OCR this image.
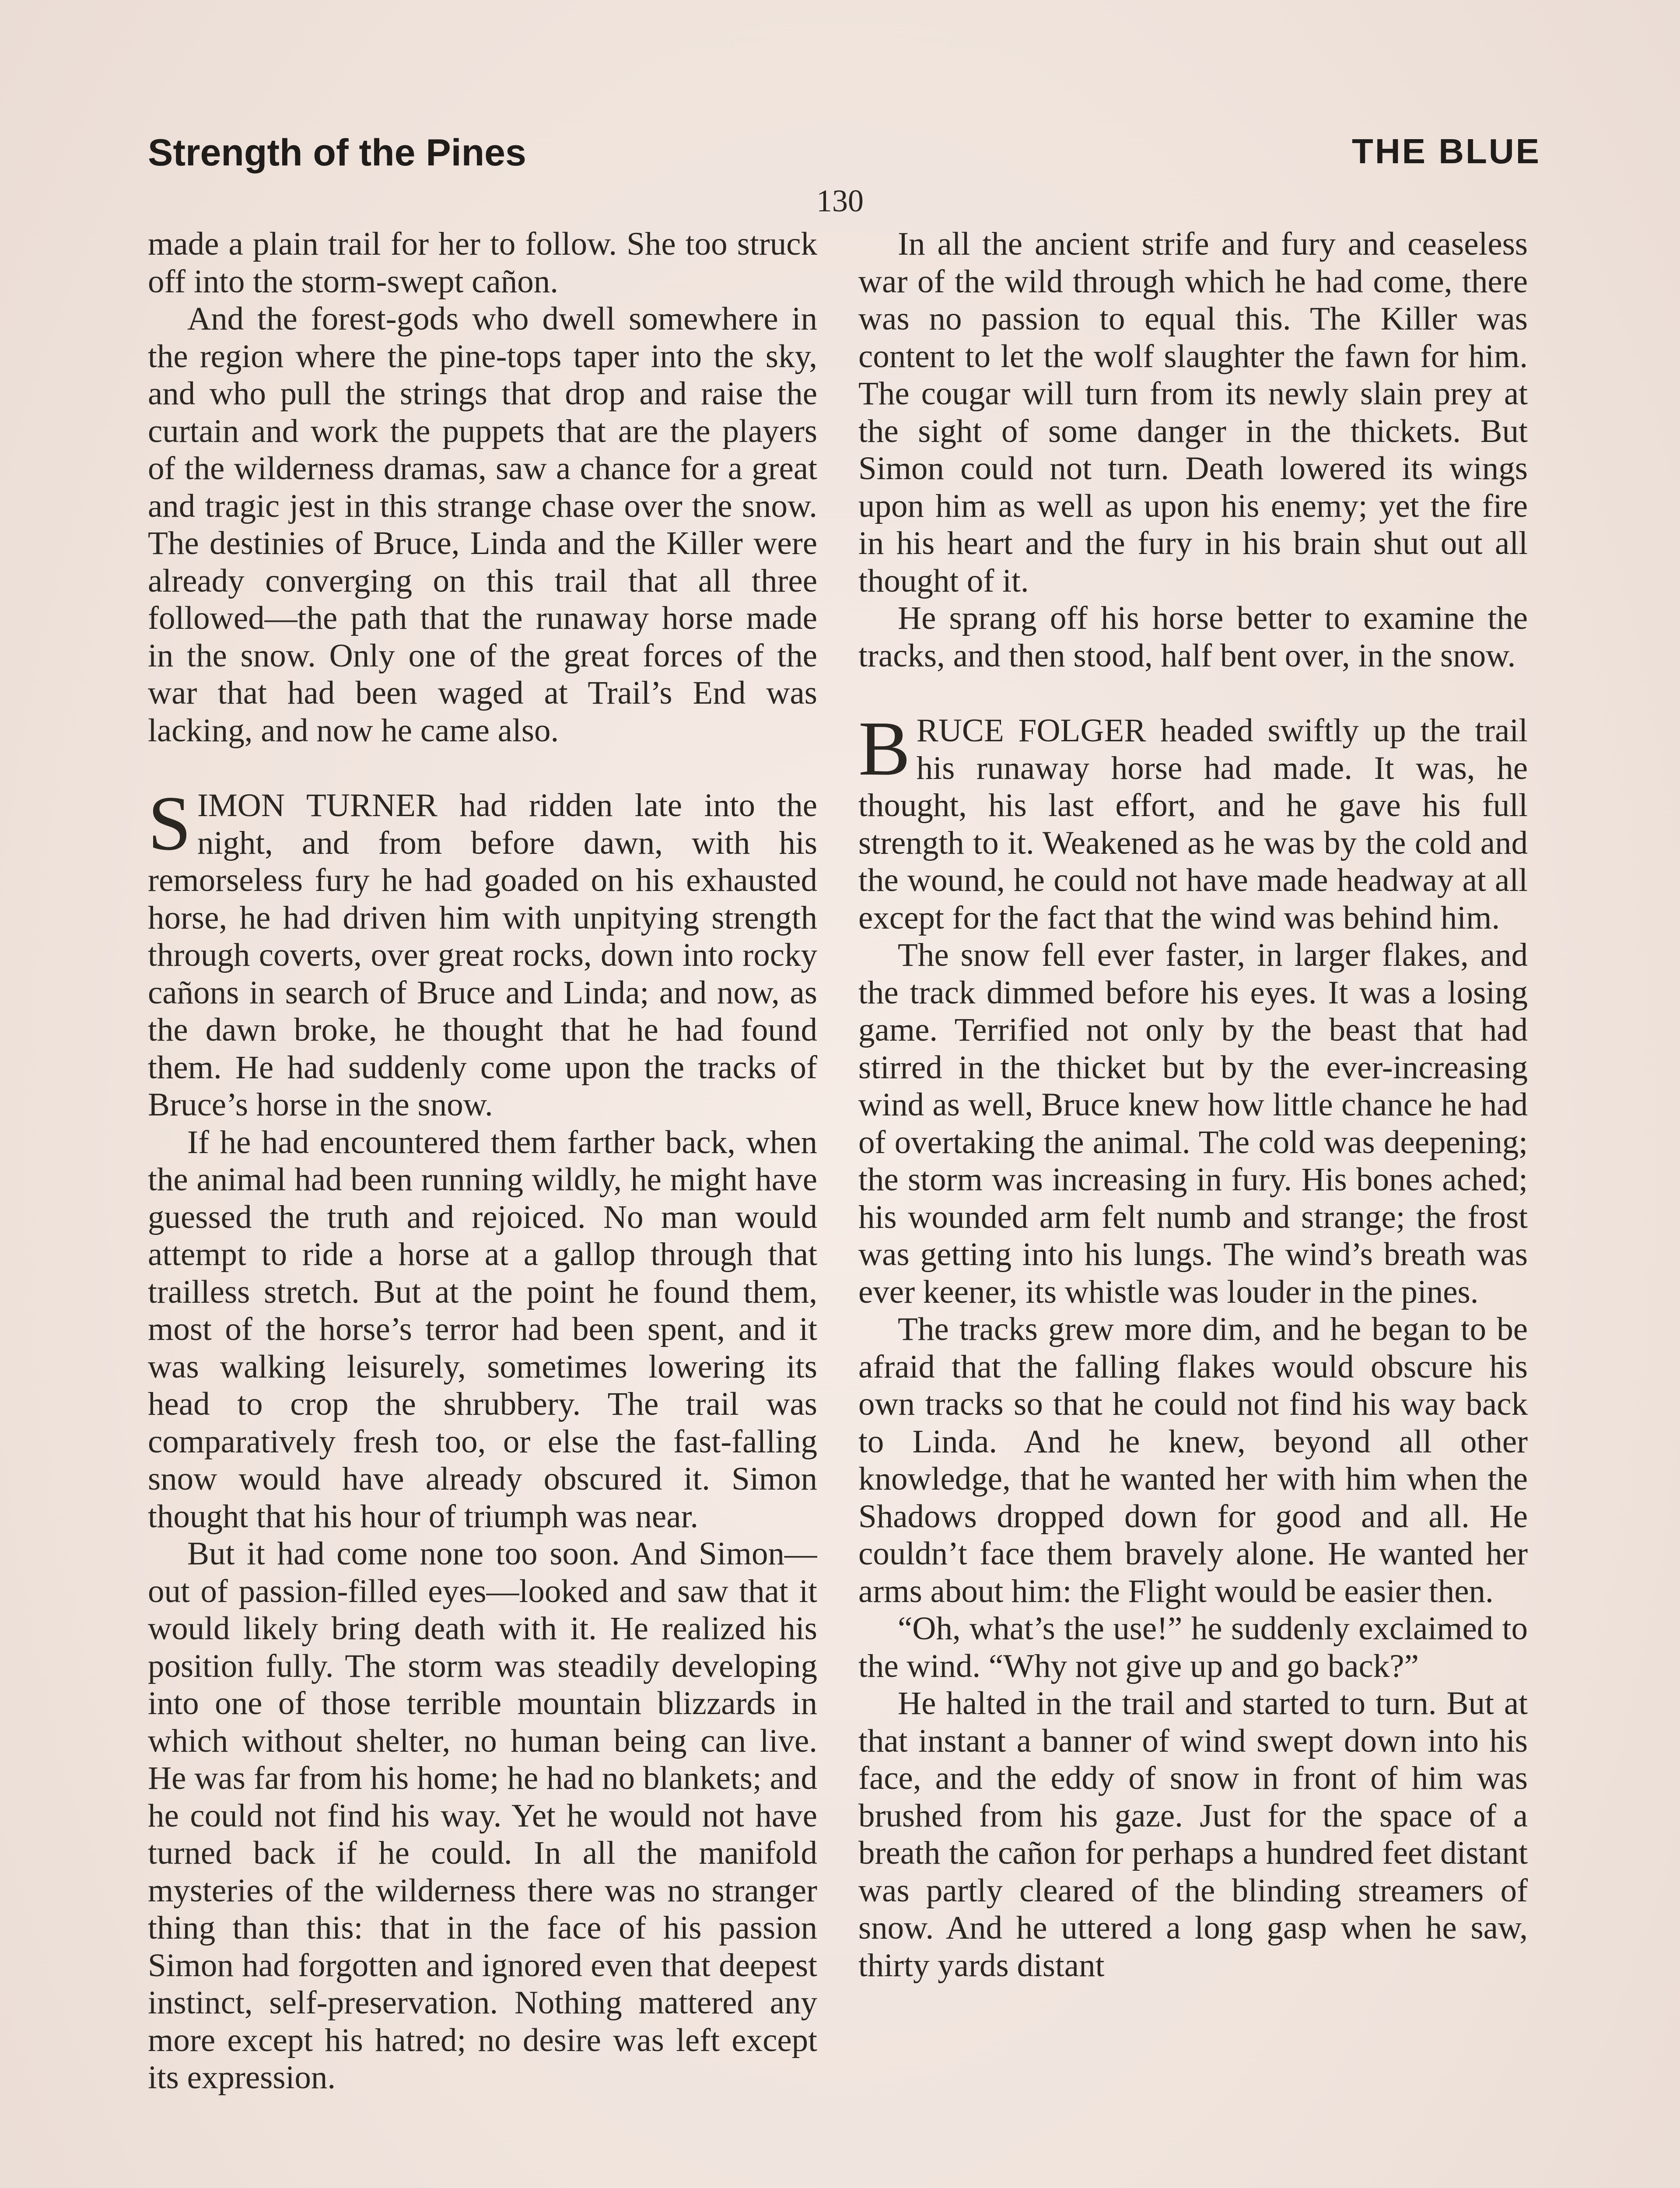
Strength of the Pines	THE BLUE
130

made a plain trail for her to follow. She too struck off into the storm-swept cañon.

And the forest-gods who dwell somewhere in the region where the pine-tops taper into the sky, and who pull the strings that drop and raise the curtain and work the puppets that are the players of the wilderness dramas, saw a chance for a great and tragic jest in this strange chase over the snow. The destinies of Bruce, Linda and the Killer were already converging on this trail that all three followed—the path that the runaway horse made in the snow. Only one of the great forces of the war that had been waged at Trail’s End was lacking, and now he came also.

SIMON TURNER had ridden late into the night, and from before dawn, with his remorseless fury he had goaded on his exhausted horse, he had driven him with unpitying strength through coverts, over great rocks, down into rocky cañons in search of Bruce and Linda; and now, as the dawn broke, he thought that he had found them. He had suddenly come upon the tracks of Bruce’s horse in the snow.

If he had encountered them farther back, when the animal had been running wildly, he might have guessed the truth and rejoiced. No man would attempt to ride a horse at a gallop through that trailless stretch. But at the point he found them, most of the horse’s terror had been spent, and it was walking leisurely, sometimes lowering its head to crop the shrubbery. The trail was comparatively fresh too, or else the fast-falling snow would have already obscured it. Simon thought that his hour of triumph was near.

But it had come none too soon. And Simon—out of passion-filled eyes—looked and saw that it would likely bring death with it. He realized his position fully. The storm was steadily developing into one of those terrible mountain blizzards in which without shelter, no human being can live. He was far from his home; he had no blankets; and he could not find his way. Yet he would not have turned back if he could. In all the manifold mysteries of the wilderness there was no stranger thing than this: that in the face of his passion Simon had forgotten and ignored even that deepest instinct, self-preservation. Nothing mattered any more except his hatred; no desire was left except its expression.

In all the ancient strife and fury and ceaseless war of the wild through which he had come, there was no passion to equal this. The Killer was content to let the wolf slaughter the fawn for him. The cougar will turn from its newly slain prey at the sight of some danger in the thickets. But Simon could not turn. Death lowered its wings upon him as well as upon his enemy; yet the fire in his heart and the fury in his brain shut out all thought of it.

He sprang off his horse better to examine the tracks, and then stood, half bent over, in the snow.

BRUCE FOLGER headed swiftly up the trail his runaway horse had made. It was, he thought, his last effort, and he gave his full strength to it. Weakened as he was by the cold and the wound, he could not have made headway at all except for the fact that the wind was behind him.

The snow fell ever faster, in larger flakes, and the track dimmed before his eyes. It was a losing game. Terrified not only by the beast that had stirred in the thicket but by the ever-increasing wind as well, Bruce knew how little chance he had of overtaking the animal. The cold was deepening; the storm was increasing in fury. His bones ached; his wounded arm felt numb and strange; the frost was getting into his lungs. The wind’s breath was ever keener, its whistle was louder in the pines.

The tracks grew more dim, and he began to be afraid that the falling flakes would obscure his own tracks so that he could not find his way back to Linda. And he knew, beyond all other knowledge, that he wanted her with him when the Shadows dropped down for good and all. He couldn’t face them bravely alone. He wanted her arms about him: the Flight would be easier then.

“Oh, what’s the use!” he suddenly exclaimed to the wind. “Why not give up and go back?”

He halted in the trail and started to turn. But at that instant a banner of wind swept down into his face, and the eddy of snow in front of him was brushed from his gaze. Just for the space of a breath the cañon for perhaps a hundred feet distant was partly cleared of the blinding streamers of snow. And he uttered a long gasp when he saw, thirty yards distant
